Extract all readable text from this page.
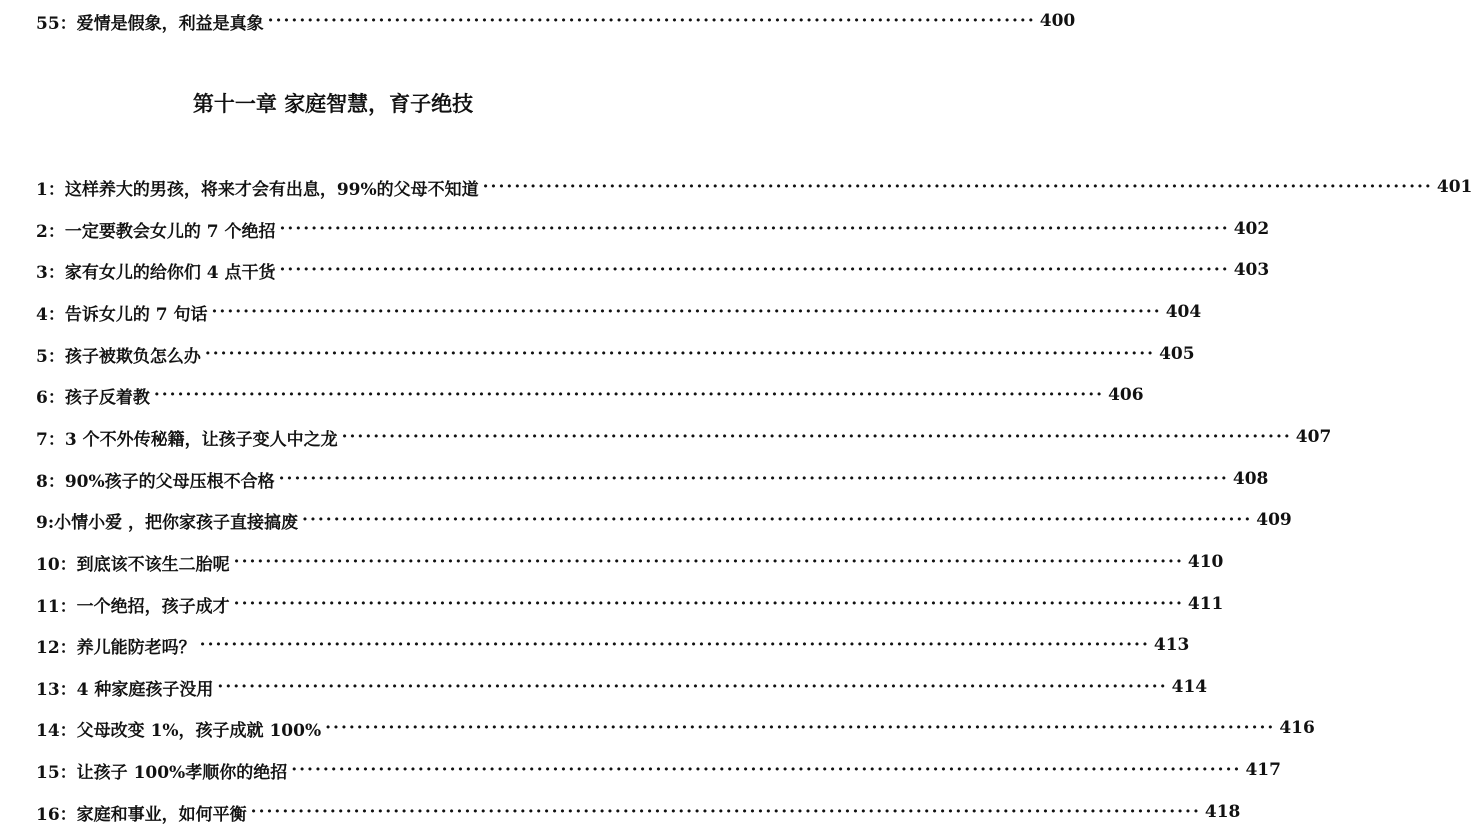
55：爱情是假象，利益是真象 ································································································· 400
第十一章 家庭智慧，育子绝技
1：这样养大的男孩，将来才会有出息，99%的父母不知道 ························································································································ 401
2：一定要教会女儿的 7 个绝招 ························································································································ 402
3：家有女儿的给你们 4 点干货 ························································································································ 403
4：告诉女儿的 7 句话 ························································································································ 404
5：孩子被欺负怎么办 ························································································································ 405
6：孩子反着教 ························································································································ 406
7：3 个不外传秘籍，让孩子变人中之龙 ························································································································ 407
8：90%孩子的父母压根不合格 ························································································································ 408
9:小情小爱 ，把你家孩子直接搞废 ························································································································ 409
10：到底该不该生二胎呢 ························································································································ 410
11：一个绝招，孩子成才 ························································································································ 411
12：养儿能防老吗？ ························································································································ 413
13：4 种家庭孩子没用 ························································································································ 414
14：父母改变 1%，孩子成就 100% ························································································································ 416
15：让孩子 100%孝顺你的绝招 ························································································································ 417
16：家庭和事业，如何平衡 ························································································································ 418
